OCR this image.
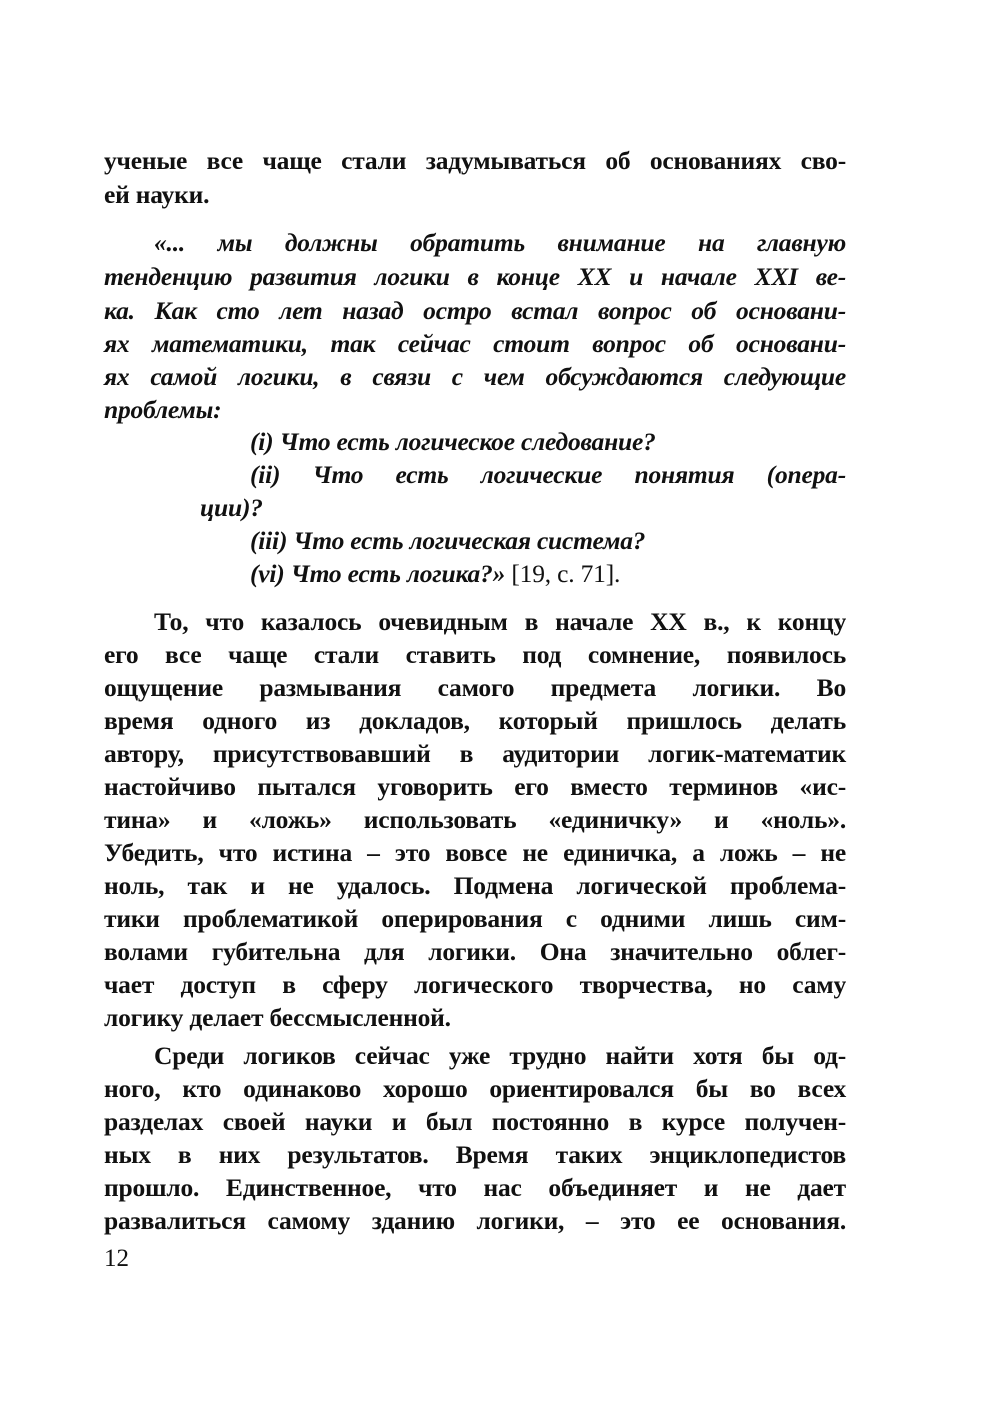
ученые все чаще стали задумываться об основаниях сво-
ей науки.
«... мы должны обратить внимание на главную
тенденцию развития логики в конце XX и начале XXI ве-
ка. Как сто лет назад остро встал вопрос об основани-
ях математики, так сейчас стоит вопрос об основани-
ях самой логики, в связи с чем обсуждаются следующие
проблемы:
(i) Что есть логическое следование?
(ii) Что есть логические понятия (опера-
ции)?
(iii) Что есть логическая система?
(vi) Что есть логика?» [19, с. 71].
То, что казалось очевидным в начале XX в., к концу
его все чаще стали ставить под сомнение, появилось
ощущение размывания самого предмета логики. Во
время одного из докладов, который пришлось делать
автору, присутствовавший в аудитории логик-математик
настойчиво пытался уговорить его вместо терминов «ис-
тина» и «ложь» использовать «единичку» и «ноль».
Убедить, что истина – это вовсе не единичка, а ложь – не
ноль, так и не удалось. Подмена логической проблема-
тики проблематикой оперирования с одними лишь сим-
волами губительна для логики. Она значительно облег-
чает доступ в сферу логического творчества, но саму
логику делает бессмысленной.
Среди логиков сейчас уже трудно найти хотя бы од-
ного, кто одинаково хорошо ориентировался бы во всех
разделах своей науки и был постоянно в курсе получен-
ных в них результатов. Время таких энциклопедистов
прошло. Единственное, что нас объединяет и не дает
развалиться самому зданию логики, – это ее основания.
12
